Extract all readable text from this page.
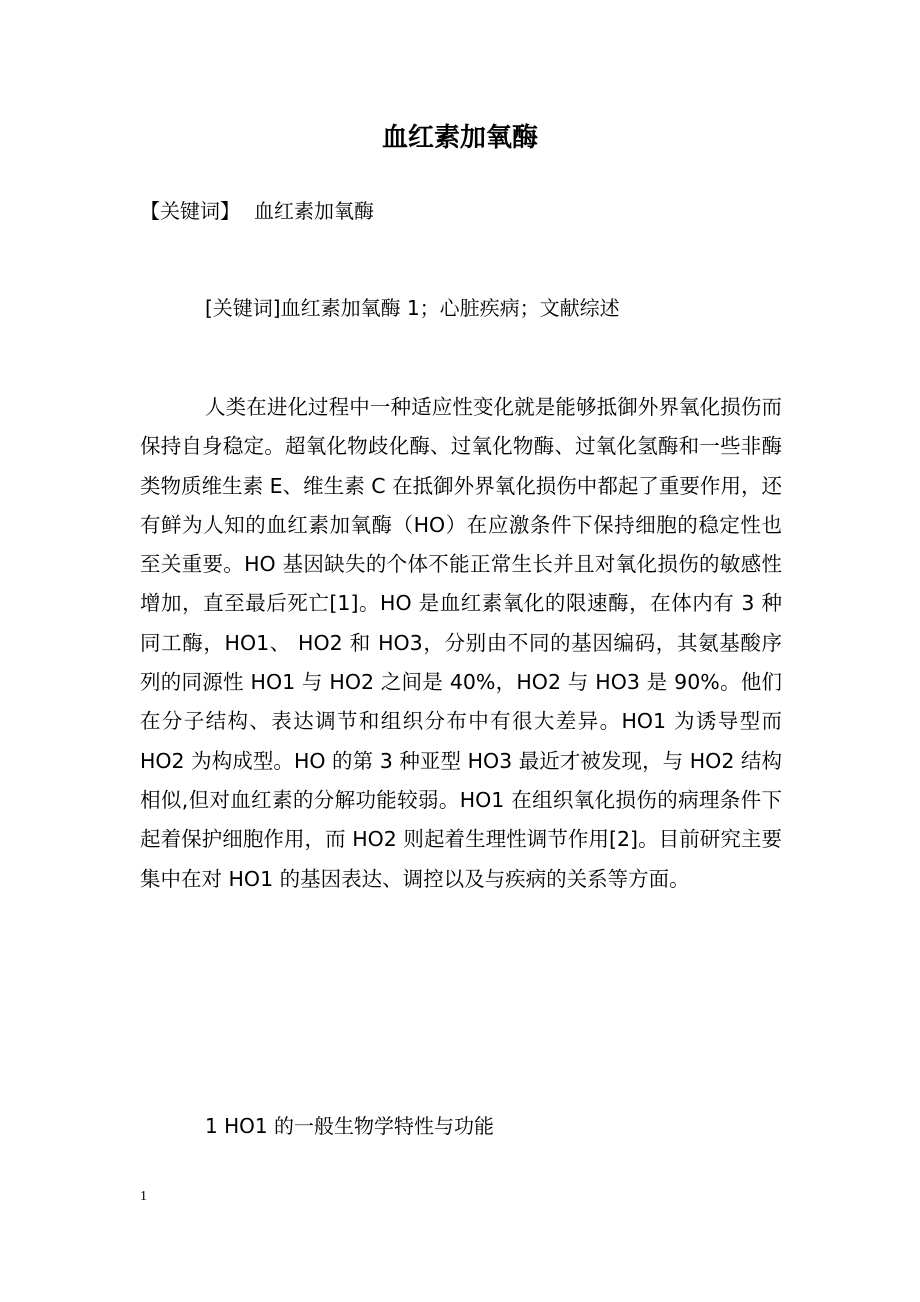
血红素加氧酶
【关键词】 血红素加氧酶
[关键词]血红素加氧酶 1；心脏疾病；文献综述

人类在进化过程中一种适应性变化就是能够抵御外界氧化损伤而保持自身稳定。超氧化物歧化酶、过氧化物酶、过氧化氢酶和一些非酶类物质维生素 E、维生素 C 在抵御外界氧化损伤中都起了重要作用，还有鲜为人知的血红素加氧酶（HO）在应激条件下保持细胞的稳定性也至关重要。HO 基因缺失的个体不能正常生长并且对氧化损伤的敏感性增加，直至最后死亡[1]。HO 是血红素氧化的限速酶，在体内有 3 种同工酶，HO1、 HO2 和 HO3，分别由不同的基因编码，其氨基酸序列的同源性 HO1 与 HO2 之间是 40%，HO2 与 HO3 是 90%。他们在分子结构、表达调节和组织分布中有很大差异。HO1 为诱导型而 HO2 为构成型。HO 的第 3 种亚型 HO3 最近才被发现，与 HO2 结构相似,但对血红素的分解功能较弱。HO1 在组织氧化损伤的病理条件下起着保护细胞作用，而 HO2 则起着生理性调节作用[2]。目前研究主要集中在对 HO1 的基因表达、调控以及与疾病的关系等方面。

1 HO1 的一般生物学特性与功能
1
